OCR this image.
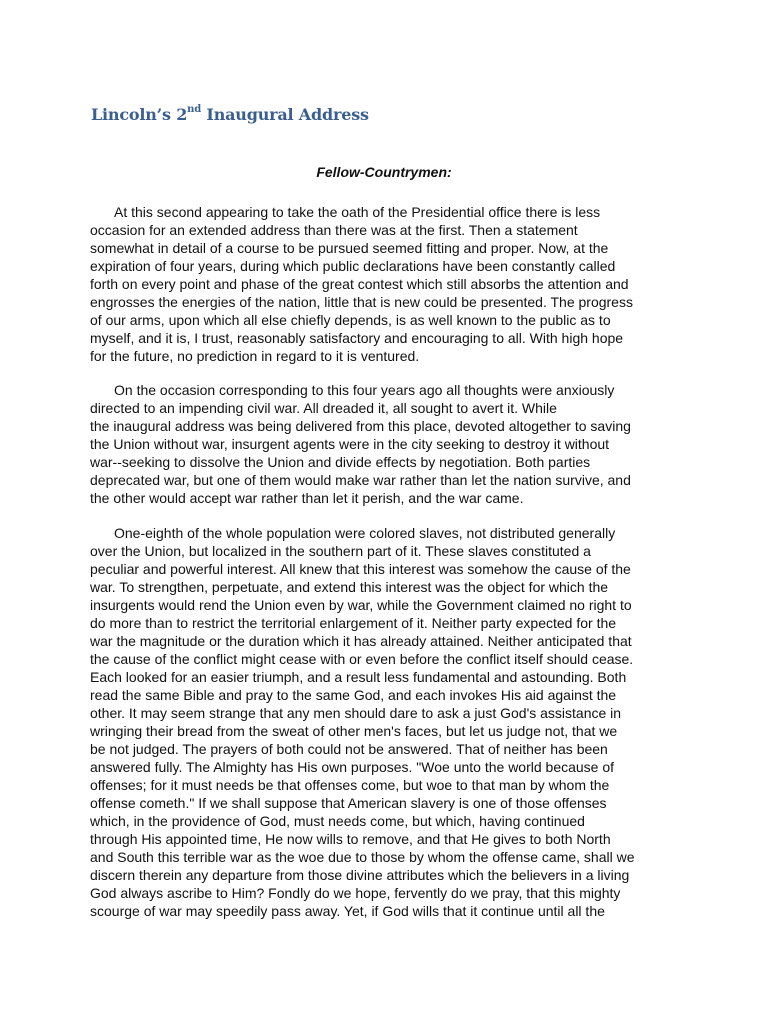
Lincoln’s 2nd Inaugural Address

Fellow-Countrymen:

At this second appearing to take the oath of the Presidential office there is less
occasion for an extended address than there was at the first. Then a statement
somewhat in detail of a course to be pursued seemed fitting and proper. Now, at the
expiration of four years, during which public declarations have been constantly called
forth on every point and phase of the great contest which still absorbs the attention and
engrosses the energies of the nation, little that is new could be presented. The progress
of our arms, upon which all else chiefly depends, is as well known to the public as to
myself, and it is, I trust, reasonably satisfactory and encouraging to all. With high hope
for the future, no prediction in regard to it is ventured.
On the occasion corresponding to this four years ago all thoughts were anxiously
directed to an impending civil war. All dreaded it, all sought to avert it. While
the inaugural address was being delivered from this place, devoted altogether to saving
the Union without war, insurgent agents were in the city seeking to destroy it without
war--seeking to dissolve the Union and divide effects by negotiation. Both parties
deprecated war, but one of them would make war rather than let the nation survive, and
the other would accept war rather than let it perish, and the war came.
One-eighth of the whole population were colored slaves, not distributed generally
over the Union, but localized in the southern part of it. These slaves constituted a
peculiar and powerful interest. All knew that this interest was somehow the cause of the
war. To strengthen, perpetuate, and extend this interest was the object for which the
insurgents would rend the Union even by war, while the Government claimed no right to
do more than to restrict the territorial enlargement of it. Neither party expected for the
war the magnitude or the duration which it has already attained. Neither anticipated that
the cause of the conflict might cease with or even before the conflict itself should cease.
Each looked for an easier triumph, and a result less fundamental and astounding. Both
read the same Bible and pray to the same God, and each invokes His aid against the
other. It may seem strange that any men should dare to ask a just God's assistance in
wringing their bread from the sweat of other men's faces, but let us judge not, that we
be not judged. The prayers of both could not be answered. That of neither has been
answered fully. The Almighty has His own purposes. "Woe unto the world because of
offenses; for it must needs be that offenses come, but woe to that man by whom the
offense cometh." If we shall suppose that American slavery is one of those offenses
which, in the providence of God, must needs come, but which, having continued
through His appointed time, He now wills to remove, and that He gives to both North
and South this terrible war as the woe due to those by whom the offense came, shall we
discern therein any departure from those divine attributes which the believers in a living
God always ascribe to Him? Fondly do we hope, fervently do we pray, that this mighty
scourge of war may speedily pass away. Yet, if God wills that it continue until all the
